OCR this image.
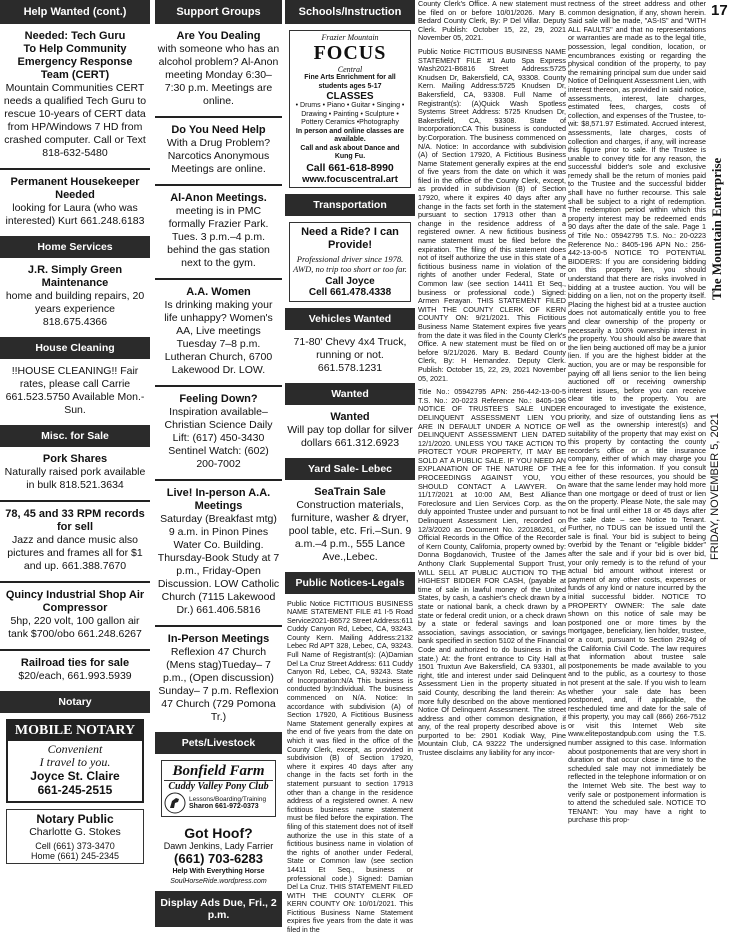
Help Wanted (cont.)
Needed: Tech Guru
To Help Community
Emergency Response
Team (CERT)
Mountain Communities CERT needs a qualified Tech Guru to rescue 10-years of CERT data from HP/Windows 7 HD from crashed computer. Call or Text 818-632-5480
Permanent Housekeeper Needed
looking for Laura (who was interested) Kurt 661.248.6183
Home Services
J.R. Simply Green Maintenance
home and building repairs, 20 years experience 818.675.4366
House Cleaning
!!HOUSE CLEANING!! Fair rates, please call Carrie 661.523.5750 Available Mon.-Sun.
Misc. for Sale
Pork Shares
Naturally raised pork available in bulk 818.521.3634
78, 45 and 33 RPM records for sell
Jazz and dance music also pictures and frames all for $1 and up. 661.388.7670
Quincy Industrial Shop Air Compressor
5hp, 220 volt, 100 gallon air tank $700/obo 661.248.6267
Railroad ties for sale
$20/each, 661.993.5939
Notary
MOBILE NOTARY
Convenient
I travel to you.
Joyce St. Claire
661-245-2515
Notary Public
Charlotte G. Stokes
Cell (661) 373-3470
Home (661) 245-2345
Support Groups
Are You Dealing
with someone who has an alcohol problem? Al-Anon meeting Monday 6:30–7:30 p.m. Meetings are online.
Do You Need Help
With a Drug Problem? Narcotics Anonymous Meetings are online.
Al-Anon Meetings.
meeting is in PMC formally Frazier Park. Tues. 3 p.m.–4 p.m. behind the gas station next to the gym.
A.A. Women
Is drinking making your life unhappy? Women's AA, Live meetings Tuesday 7–8 p.m. Lutheran Church, 6700 Lakewood Dr. LOW.
Feeling Down?
Inspiration available– Christian Science Daily Lift: (617) 450-3430 Sentinel Watch: (602) 200-7002
Live! In-person A.A. Meetings
Saturday (Breakfast mtg) 9 a.m. in Pinon Pines Water Co. Building. Thursday-Book Study at 7 p.m., Friday-Open Discussion. LOW Catholic Church (7115 Lakewood Dr.) 661.406.5816
In-Person Meetings
Reflexion 47 Church (Mens stag)Tueday– 7 p.m., (Open discussion) Sunday– 7 p.m. Reflexion 47 Church (729 Pomona Tr.)
Pets/Livestock
Bonfield Farm
Cuddy Valley Pony Club
Lessons/Boarding/Training
Sharon 661-972-0373
Got Hoof?
Dawn Jenkins, Lady Farrier
(661) 703-6283
Help With Everything Horse
SoulHorseRide.wordpress.com
Display Ads Due, Fri., 2 p.m.
Schools/Instruction
Frazier Mountain
FOCUS
Central
Fine Arts Enrichment for all students ages 5-17
CLASSES
• Drums • Piano • Guitar • Singing • Drawing • Painting • Sculpture • Pottery Ceramics •Photography
In person and online classes are available.
Call and ask about Dance and Kung Fu.
Call 661-618-8990
www.focuscentral.art
Transportation
Need a Ride? I can Provide!
Professional driver since 1978. AWD, no trip too short or too far.
Call Joyce
Cell 661.478.4338
Vehicles Wanted
71-80' Chevy 4x4 Truck, running or not. 661.578.1231
Wanted
Wanted
Will pay top dollar for silver dollars 661.312.6923
Yard Sale- Lebec
SeaTrain Sale
Construction materials, furniture, washer & dryer, pool table, etc. Fri.–Sun. 9 a.m.–4 p.m., 555 Lance Ave.,Lebec.
Public Notices-Legals

Public Notice FICTITIOUS BUSINESS NAME STATEMENT FILE #1 I-5 Road Service2021-B6572 Street Address:611 Cuddy Canyon Rd, Lebec, CA, 93243. County Kern. Mailing Address:2132 Lebec Rd APT 328, Lebec, CA, 93243. Full Name of Registrant(s): (A)Damian Del La Cruz Street Address: 611 Cuddy Canyon Rd, Lebec, CA, 93243. State of Incorporation:N/A This business is conducted by:Individual. The business commenced on N/A. Notice: In accordance with subdivision (A) of Section 17920, A Fictitious Business Name Statement generally expires at the end of five years from the date on which it was filed in the office of the County Clerk, except, as provided in subdivision (B) of Section 17920, where it expires 40 days after any change in the facts set forth in the statement pursuant to section 17913 other than a change in the residence address of a registered owner. A new fictitious business name statement must be filed before the expiration. The filing of this statement does not of itself authorize the use in this state of a fictitious business name in violation of the rights of another under Federal, State or Common law (see section 14411 Et Seq., business or professional code.) Signed: Damian Del La Cruz. THIS STATEMENT FILED WITH THE COUNTY CLERK OF KERN COUNTY ON: 10/01/2021. This Fictitious Business Name Statement expires five years from the date it was filed in the

County Clerk's Office. A new statement must be filed on or before 10/01/2026. Mary B. Bedard County Clerk, By: P Del Villar. Deputy Clerk. Publish: October 15, 22, 29, 2021 November 05, 2021.

Public Notice FICTITIOUS BUSINESS NAME STATEMENT FILE #1 Auto Spa Express Wash2021-B6816 Street Address:5725 Knudsen Dr, Bakersfield, CA, 93308. County Kern. Mailing Address:5725 Knudsen Dr, Bakersfield, CA, 93308. Full Name of Registrant(s): (A)Quick Wash Spotless Systems Street Address: 5725 Knudsen Dr, Bakersfield, CA, 93308. State of Incorporation:CA This business is conducted by:Corporation. The business commenced on N/A. Notice: In accordance with subdivision (A) of Section 17920, A Fictitious Business Name Statement generally expires at the end of five years from the date on which it was filed in the office of the County Clerk, except, as provided in subdivision (B) of Section 17920, where it expires 40 days after any change in the facts set forth in the statement pursuant to section 17913 other than a change in the residence address of a registered owner. A new fictitious business name statement must be filed before the expiration. The filing of this statement does not of itself authorize the use in this state of a fictitious business name in violation of the rights of another under Federal, State or Common law (see section 14411 Et Seq., business or professional code.) Signed: Armen Ferayan. THIS STATEMENT FILED WITH THE COUNTY CLERK OF KERN COUNTY ON: 9/21/2021. This Fictitious Business Name Statement expires five years from the date it was filed in the County Clerk's Office. A new statement must be filed on or before 9/21/2026. Mary B. Bedard County Clerk, By: H Hernandez. Deputy Clerk. Publish: October 15, 22, 29, 2021 November 05, 2021.

Title No.: 05942795 APN: 256-442-13-00-5 T.S. No.: 20-0223 Reference No.: 8405-196 NOTICE OF TRUSTEE'S SALE UNDER DELINQUENT ASSESSMENT LIEN YOU ARE IN DEFAULT UNDER A NOTICE OF DELINQUENT ASSESSMENT LIEN DATED 12/1/2020. UNLESS YOU TAKE ACTION TO PROTECT YOUR PROPERTY, IT MAY BE SOLD AT A PUBLIC SALE. IF YOU NEED AN EXPLANATION OF THE NATURE OF THE PROCEEDINGS AGAINST YOU, YOU SHOULD CONTACT A LAWYER. On 11/17/2021 at 10:00 AM, Best Alliance Foreclosure and Lien Services Corp. as the duly appointed Trustee under and pursuant to Delinquent Assessment Lien, recorded on 12/3/2020 as Document No. 220186261, of Official Records in the Office of the Recorder of Kern County, California, property owned by: Donna Bogdanovich, Trustee of the James Anthony Clark Supplemental Support Trust, WILL SELL AT PUBLIC AUCTION TO THE HIGHEST BIDDER FOR CASH, (payable at time of sale in lawful money of the United States, by cash, a cashier's check drawn by a state or national bank, a check drawn by a state or federal credit union, or a check drawn by a state or federal savings and loan association, savings association, or savings bank specified in section 5102 of the Financial Code and authorized to do business in this state.) At: the front entrance to City Hall at 1501 Truxtun Ave Bakersfield, CA 93301, all right, title and interest under said Delinquent Assessment Lien in the property situated in said County, describing the land therein: As more fully described on the above mentioned Notice Of Delinquent Assessment. The street address and other common designation, if any, of the real property described above is purported to be: 2901 Kodiak Way, Pine Mountain Club, CA 93222 The undersigned Trustee disclaims any liability for any incor-

rectness of the street address and other common designation, if any, shown herein. Said sale will be made, "AS-IS" and "WITH ALL FAULTS" and that no representations or warranties are made as to the legal title, possession, legal condition, location, or encumbrances existing or regarding the physical condition of the property, to pay the remaining principal sum due under said Notice of Delinquent Assessment Lien, with interest thereon, as provided in said notice, assessments, interest, late charges, estimated fees, charges, costs of collection, and expenses of the Trustee, to-wit: $8,571.97 Estimated. Accrued interest, assessments, late charges, costs of collection and charges, if any, will increase this figure prior to sale. If the Trustee is unable to convey title for any reason, the successful bidder's sole and exclusive remedy shall be the return of monies paid to the Trustee and the successful bidder shall have no further recourse. This sale shall be subject to a right of redemption. The redemption period within which this property interest may be redeemed ends 90 days after the date of the sale. Page 1 of Title No.: 05942795 T.S. No.: 20-0223 Reference No.: 8405-196 APN No.: 256-442-13-00-5 NOTICE TO POTENTIAL BIDDERS: If you are considering bidding on this property lien, you should understand that there are risks involved in bidding at a trustee auction. You will be bidding on a lien, not on the property itself. Placing the highest bid at a trustee auction does not automatically entitle you to free and clear ownership of the property or necessarily a 100% ownership interest in the property. You should also be aware that the lien being auctioned off may be a junior lien. If you are the highest bidder at the auction, you are or may be responsible for paying off all liens senior to the lien being auctioned off or receiving ownership interest issues, before you can receive clear title to the property. You are encouraged to investigate the existence, priority, and size of outstanding liens as well as the ownership interest(s) and suitability of the property that may exist on this property by contacting the county recorder's office or a title insurance company, either of which may charge you a fee for this information. If you consult either of these resources, you should be aware that the same lender may hold more than one mortgage or deed of trust or lien on the property. Please Note, the sale may not be final until either 18 or 45 days after the sale date – see Notice to Tenant. Further, no TDUS can be issued until the sale is final. Your bid is subject to being overbid by the Tenant or "eligible bidder" after the sale and if your bid is over bid, your only remedy is to the refund of your actual bid amount without interest or payment of any other costs, expenses or funds of any kind or nature incurred by the initial successful bidder. NOTICE TO PROPERTY OWNER: The sale date shown on this notice of sale may be postponed one or more times by the mortgagee, beneficiary, lien holder, trustee, or a court, pursuant to Section 2924g of the California Civil Code. The law requires that information about trustee sale postponements be made available to you and to the public, as a courtesy to those not present at the sale. If you wish to learn whether your sale date has been postponed, and, if applicable, the rescheduled time and date for the sale of this property, you may call (866) 266-7512 or visit this Internet Web site www.elitepostandpub.com using the T.S. number assigned to this case. Information about postponements that are very short in duration or that occur close in time to the scheduled sale may not immediately be reflected in the telephone information or on the Internet Web site. The best way to verify sale or postponement information is to attend the scheduled sale. NOTICE TO TENANT: You may have a right to purchase this prop-

17
The Mountain Enterprise
FRIDAY, NOVEMBER 5, 2021
